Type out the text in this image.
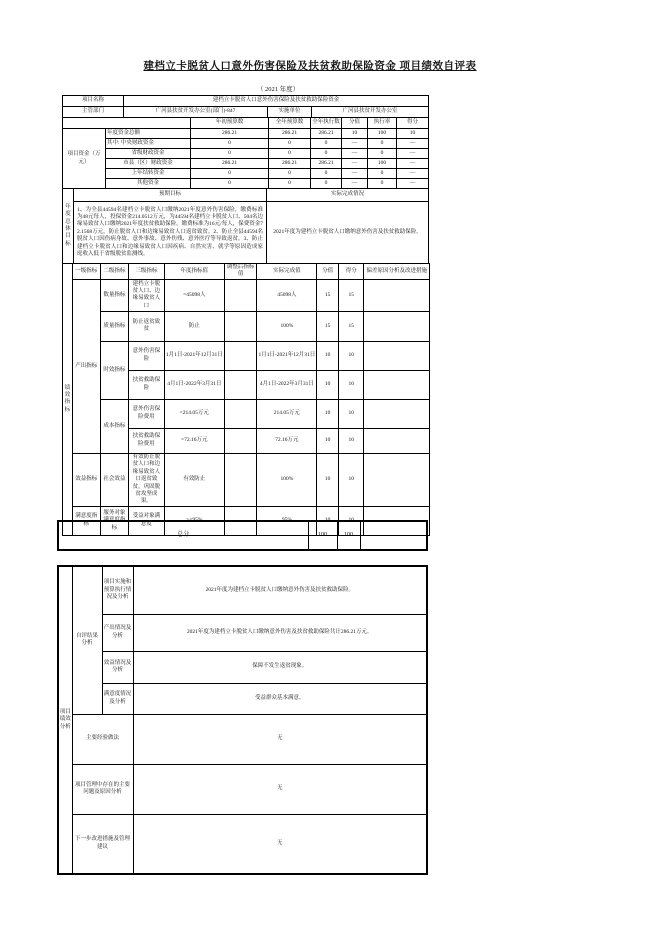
建档立卡脱贫人口意外伤害保险及扶贫救助保险资金 项目绩效自评表
（ 2021 年度）
项目名称	建档立卡脱贫人口意外伤害保险及扶贫救助保险资金		
主管部门	广河县扶贫开发办公室(部门)-847	实施单位	广河县扶贫开发办公室
		年初预算数	全年预算数	全年执行数	分值	执行率	得分
项目资金（万元）	年度资金总额	286.21	286.21	286.21	10	100	10
	其中: 中央财政资金	0	0	0	—	0	—
	省级财政资金	0	0	0	—	0	—
	市县（区）财政资金	286.21	286.21	286.21	—	100	—
	上年结转资金	0	0	0	—	0	—
	其他资金	0	0	0	—	0	—
年度总体目标	预期目标	实际完成情况
	1、为全县44594名建档立卡脱贫人口缴纳2021年度意外伤害保险，缴费标准为48元每人，投保资金214.0512万元，为44594名建档立卡脱贫人口、504名边缘易致贫人口缴纳2021年度扶贫救助保险，缴费标准为16元/每人，保费资金72.1568万元，防止脱贫人口和边缘易致贫人口返贫致贫。2、防止全县44594名脱贫人口因伤病身故、意外事故、意外伤残、意外医疗等导致返贫。3、防止建档立卡脱贫人口和边缘易致贫人口因疾病、自然灾害、就学等原因造成家庭收入低于省级脱贫监测线。	2021年度为建档立卡脱贫人口缴纳意外伤害及扶贫救助保险。
绩效指标	一级指标	二级指标	三级指标	年度指标值	调整后指标值	实际完成值	分值	得分	偏差原因分析及改进措施
	产出指标	数量指标	建档立卡脱贫人口、边缘易致贫人口	=45098人		45098人	15	15	
		质量指标	防止返贫致贫	防止		100%	15	15	
		时效指标	意外伤害保险	1月1日-2021年12月31日		1月1日-2021年12月31日	10	10	
			扶贫救助保险	4月1日-2022年3月31日		4月1日-2022年3月31日	10	10	
		成本指标	意外伤害保险费用	=214.05万元		214.05万元	10	10	
			扶贫救助保险费用	=72.16万元		72.16万元	10	10	
	效益指标	社会效益	有效防止脱贫人口和边缘易致贫人口返贫致贫，巩固脱贫攻坚成果。	有效防止		100%	10	10	
	满意度指标	服务对象满意度指标	受益对象满意度	>=95%		95%	10	10	
总分	100	100	
项目绩效分析	自评结果分析	项目实施和预算执行情况及分析	2021年度为建档立卡脱贫人口缴纳意外伤害及扶贫救助保险。
		产出情况及分析	2021年度为建档立卡脱贫人口缴纳意外伤害及扶贫救助保险共计286.21万元。
		效益情况及分析	保障不发生返贫现象。
		满意度情况及分析	受益群众基本满意。
	主要经验做法		无
	项目管理中存在的主要问题及原因分析		无
	下一步改进措施及管理建议		无
